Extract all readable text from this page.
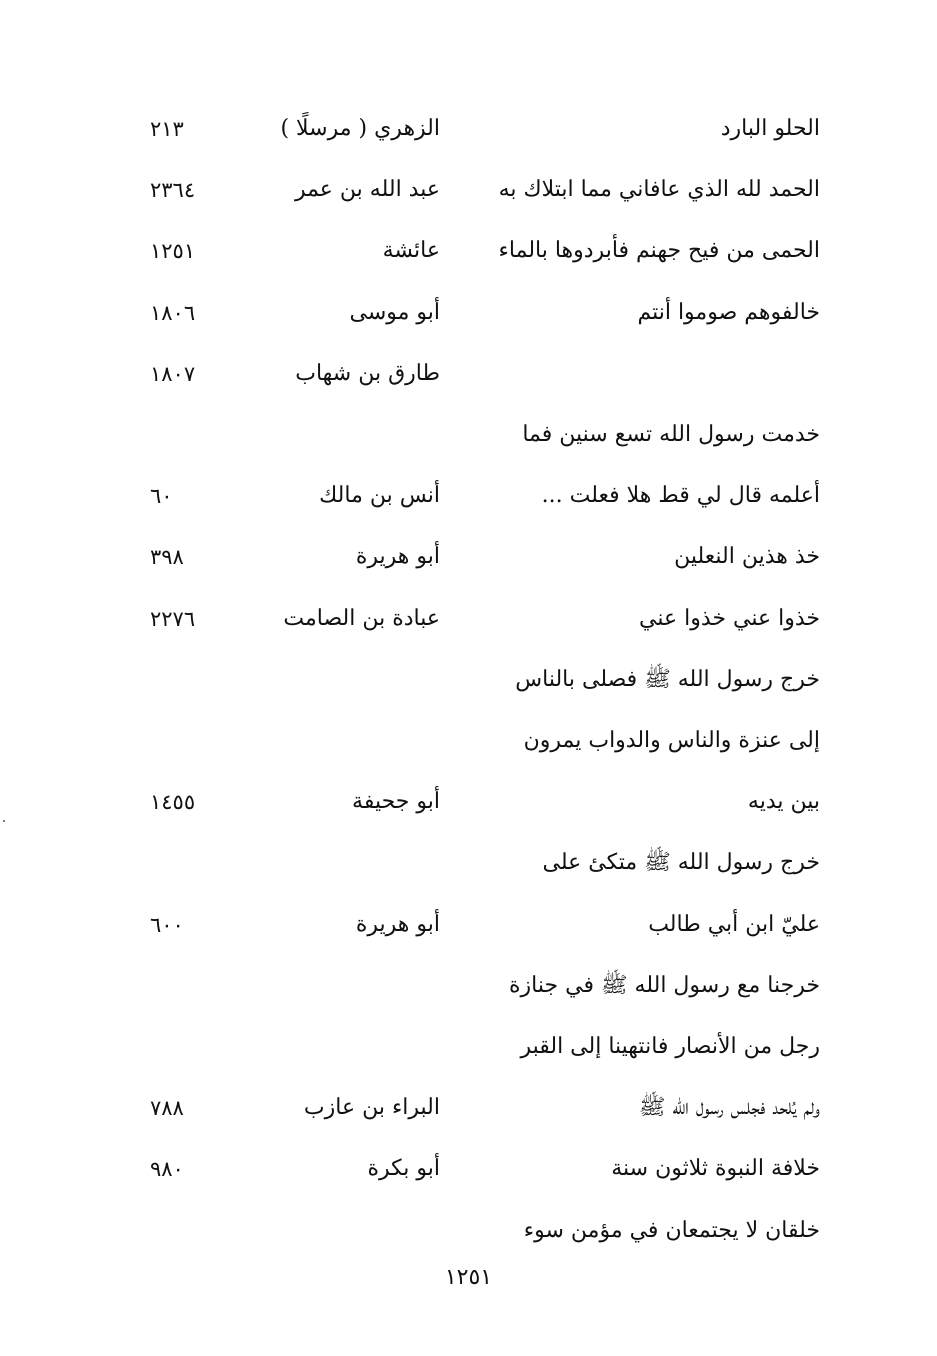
الحلو البارد
الزهري ( مرسلًا )
٢١٣
الحمد لله الذي عافاني مما ابتلاك به
عبد الله بن عمر
٢٣٦٤
الحمى من فيح جهنم فأبردوها بالماء
عائشة
١٢٥١
خالفوهم صوموا أنتم
أبو موسى
١٨٠٦
طارق بن شهاب
١٨٠٧
خدمت رسول الله تسع سنين فما
أعلمه قال لي قط هلا فعلت ...
أنس بن مالك
٦٠
خذ هذين النعلين
أبو هريرة
٣٩٨
خذوا عني خذوا عني
عبادة بن الصامت
٢٢٧٦
خرج رسول الله ﷺ فصلى بالناس
إلى عنزة والناس والدواب يمرون
بين يديه
أبو جحيفة
١٤٥٥
خرج رسول الله ﷺ متكئ على
عليّ ابن أبي طالب
أبو هريرة
٦٠٠
خرجنا مع رسول الله ﷺ في جنازة
رجل من الأنصار فانتهينا إلى القبر
ولم يُلحد فجلس رسول الله ﷺ
البراء بن عازب
٧٨٨
خلافة النبوة ثلاثون سنة
أبو بكرة
٩٨٠
خلقان لا يجتمعان في مؤمن سوء
١٢٥١
